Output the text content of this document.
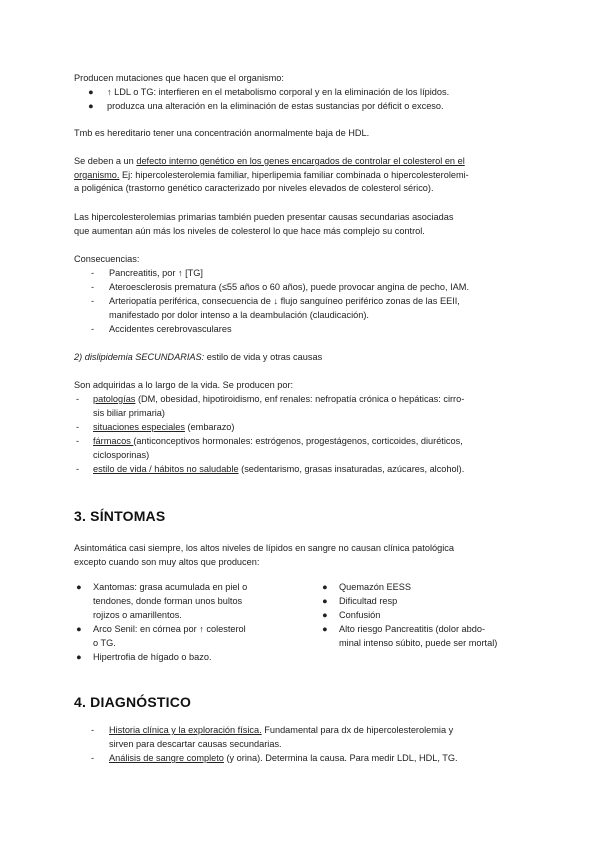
Producen mutaciones que hacen que el organismo:
● ↑ LDL o TG: interfieren en el metabolismo corporal y en la eliminación de los lípidos.
● produzca una alteración en la eliminación de estas sustancias por déficit o exceso.
Tmb es hereditario tener una concentración anormalmente baja de HDL.
Se deben a un defecto interno genético en los genes encargados de controlar el colesterol en el
organismo. Ej: hipercolesterolemia familiar, hiperlipemia familiar combinada o hipercolesterolemi-
a poligénica (trastorno genético caracterizado por niveles elevados de colesterol sérico).
Las hipercolesterolemias primarias también pueden presentar causas secundarias asociadas
que aumentan aún más los niveles de colesterol lo que hace más complejo su control.
Consecuencias:
- Pancreatitis, por ↑ [TG]
- Ateroesclerosis prematura (≤55 años o 60 años), puede provocar angina de pecho, IAM.
- Arteriopatía periférica, consecuencia de ↓ flujo sanguíneo periférico zonas de las EEII,
manifestado por dolor intenso a la deambulación (claudicación).
- Accidentes cerebrovasculares
2) dislipidemia SECUNDARIAS: estilo de vida y otras causas
Son adquiridas a lo largo de la vida. Se producen por:
- patologías (DM, obesidad, hipotiroidismo, enf renales: nefropatía crónica o hepáticas: cirro-
sis biliar primaria)
- situaciones especiales (embarazo)
- fármacos (anticonceptivos hormonales: estrógenos, progestágenos, corticoides, diuréticos,
ciclosporinas)
- estilo de vida / hábitos no saludable (sedentarismo, grasas insaturadas, azúcares, alcohol).
3. SÍNTOMAS
Asintomática casi siempre, los altos niveles de lípidos en sangre no causan clínica patológica
excepto cuando son muy altos que producen:
● Xantomas: grasa acumulada en piel o
tendones, donde forman unos bultos
rojizos o amarillentos.
● Arco Senil: en córnea por ↑ colesterol
o TG.
● Hipertrofia de hígado o bazo.
● Quemazón EESS
● Dificultad resp
● Confusión
● Alto riesgo Pancreatitis (dolor abdo-
minal intenso súbito, puede ser mortal)
4. DIAGNÓSTICO
- Historia clínica y la exploración física. Fundamental para dx de hipercolesterolemia y
sirven para descartar causas secundarias.
- Análisis de sangre completo (y orina). Determina la causa. Para medir LDL, HDL, TG.
